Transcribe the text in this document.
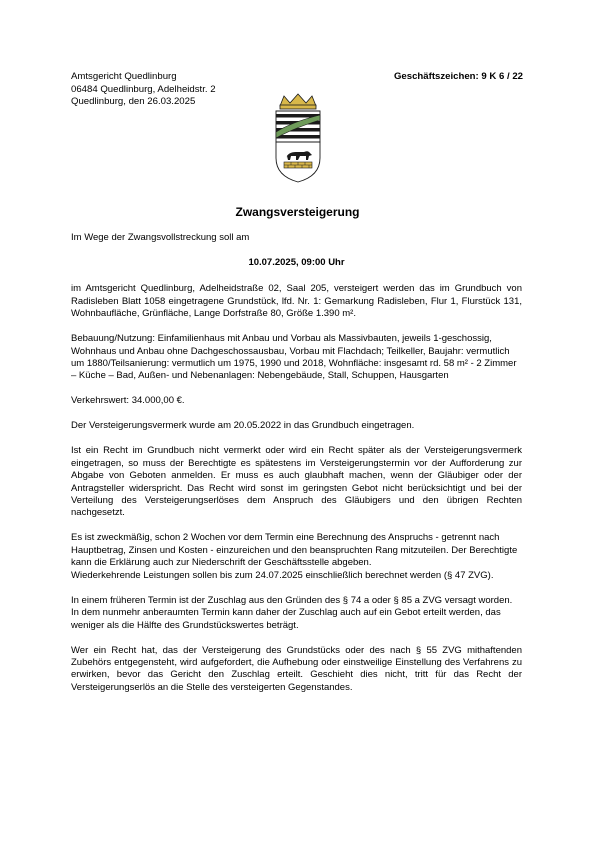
Amtsgericht Quedlinburg
06484 Quedlinburg, Adelheidstr. 2
Quedlinburg, den 26.03.2025
Geschäftszeichen: 9 K 6 / 22
Zwangsversteigerung

Im Wege der Zwangsvollstreckung soll am

10.07.2025, 09:00 Uhr

im Amtsgericht Quedlinburg, Adelheidstraße 02, Saal 205, versteigert werden das im Grundbuch von Radisleben Blatt 1058 eingetragene Grundstück, lfd. Nr. 1: Gemarkung Radisleben, Flur 1, Flurstück 131, Wohnbaufläche, Grünfläche, Lange Dorfstraße 80, Größe 1.390 m².

Bebauung/Nutzung: Einfamilienhaus mit Anbau und Vorbau als Massivbauten, jeweils 1-geschossig, Wohnhaus und Anbau ohne Dachgeschossausbau, Vorbau mit Flachdach; Teilkeller, Baujahr: vermutlich um 1880/Teilsanierung: vermutlich um 1975, 1990 und 2018, Wohnfläche: insgesamt rd. 58 m² - 2 Zimmer – Küche – Bad, Außen- und Nebenanlagen: Nebengebäude, Stall, Schuppen, Hausgarten

Verkehrswert: 34.000,00 €.

Der Versteigerungsvermerk wurde am 20.05.2022 in das Grundbuch eingetragen.

Ist ein Recht im Grundbuch nicht vermerkt oder wird ein Recht später als der Versteigerungsvermerk eingetragen, so muss der Berechtigte es spätestens im Versteigerungstermin vor der Aufforderung zur Abgabe von Geboten anmelden. Er muss es auch glaubhaft machen, wenn der Gläubiger oder der Antragsteller widerspricht. Das Recht wird sonst im geringsten Gebot nicht berücksichtigt und bei der Verteilung des Versteigerungserlöses dem Anspruch des Gläubigers und den übrigen Rechten nachgesetzt.

Es ist zweckmäßig, schon 2 Wochen vor dem Termin eine Berechnung des Anspruchs - getrennt nach Hauptbetrag, Zinsen und Kosten - einzureichen und den beanspruchten Rang mitzuteilen. Der Berechtigte kann die Erklärung auch zur Niederschrift der Geschäftsstelle abgeben.

Wiederkehrende Leistungen sollen bis zum 24.07.2025 einschließlich berechnet werden (§ 47 ZVG).

In einem früheren Termin ist der Zuschlag aus den Gründen des § 74 a oder § 85 a ZVG versagt worden. In dem nunmehr anberaumten Termin kann daher der Zuschlag auch auf ein Gebot erteilt werden, das weniger als die Hälfte des Grundstückswertes beträgt.

Wer ein Recht hat, das der Versteigerung des Grundstücks oder des nach § 55 ZVG mithaftenden Zubehörs entgegensteht, wird aufgefordert, die Aufhebung oder einstweilige Einstellung des Verfahrens zu erwirken, bevor das Gericht den Zuschlag erteilt. Geschieht dies nicht, tritt für das Recht der Versteigerungserlös an die Stelle des versteigerten Gegenstandes.
